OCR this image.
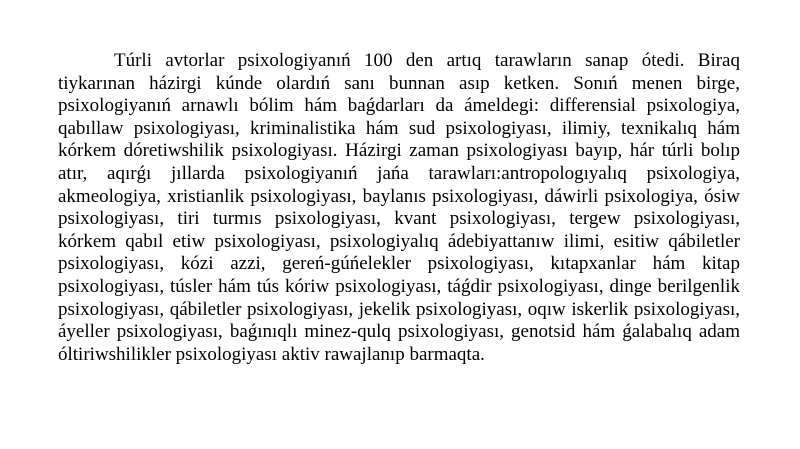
Túrli avtorlar psixologiyanıń 100 den artıq tarawların sanap ótedi. Biraq tiykarınan házirgi kúnde olardıń sanı bunnan asıp ketken. Sonıń menen birge, psixologiyanıń arnawlı bólim hám baǵdarları da ámeldegi: differensial psixologiya, qabıllaw psixologiyası, kriminalistika hám sud psixologiyası, ilimiy, texnikalıq hám kórkem dóretiwshilik psixologiyası. Házirgi zaman psixologiyası bayıp, hár túrli bolıp atır, aqırǵı jıllarda psixologiyanıń jańa tarawları:antropologıyalıq psixologiya, akmeologiya, xristianlik psixologiyası, baylanıs psixologiyası, dáwirli psixologiya, ósiw psixologiyası, tiri turmıs psixologiyası, kvant psixologiyası, tergew psixologiyası, kórkem qabıl etiw psixologiyası, psixologiyalıq ádebiyattanıw ilimi, esitiw qábiletler psixologiyası, kózi azzi, gereń-gúńelekler psixologiyası, kıtapxanlar hám kitap psixologiyası, túsler hám tús kóriw psixologiyası, táǵdir psixologiyası, dinge berilgenlik psixologiyası, qábiletler psixologiyası, jekelik psixologiyası, oqıw iskerlik psixologiyası, áyeller psixologiyası, baǵınıqlı minez-qulq psixologiyası, genotsid hám ǵalabalıq adam óltiriwshilikler psixologiyası aktiv rawajlanıp barmaqta.
